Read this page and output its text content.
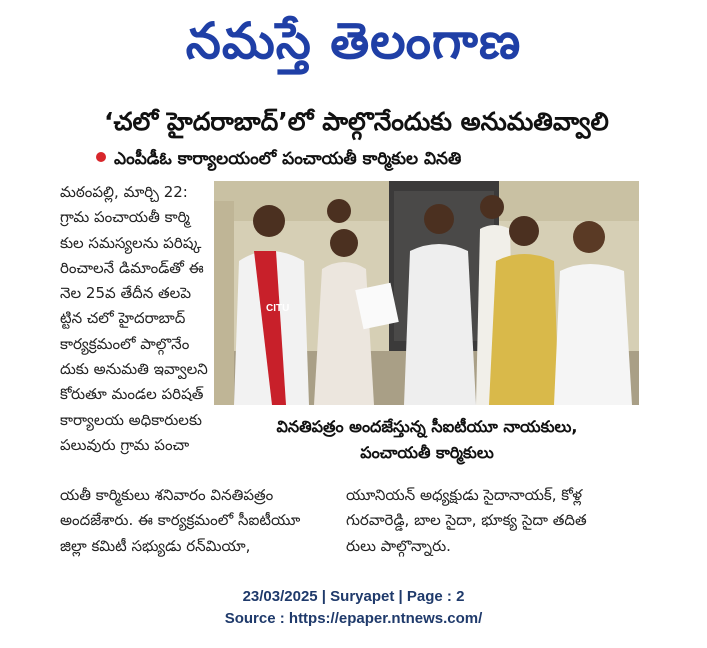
నమస్తే తెలంగాణ
‘చలో హైదరాబాద్’లో పాల్గొనేందుకు అనుమతివ్వాలి
ఎంపీడీఓ కార్యాలయంలో పంచాయతీ కార్మికుల వినతి
మఠంపల్లి, మార్చి 22:
గ్రామ పంచాయతీ కార్మి
కుల సమస్యలను పరిష్క
రించాలనే డిమాండ్‌తో ఈ
నెల 25వ తేదీన తలపె
ట్టిన చలో హైదరాబాద్
కార్యక్రమంలో పాల్గొనేం
దుకు అనుమతి ఇవ్వాలని
కోరుతూ మండల పరిషత్
కార్యాలయ అధికారులకు
పలువురు గ్రామ పంచా
CITU
వినతిపత్రం అందజేస్తున్న సీఐటీయూ నాయకులు,
పంచాయతీ కార్మికులు
యతీ కార్మికులు శనివారం వినతిపత్రం
అందజేశారు. ఈ కార్యక్రమంలో సీఐటీయూ
జిల్లా కమిటీ సభ్యుడు రన్‌మియా,
యూనియన్ అధ్యక్షుడు సైదానాయక్, కోళ్ల
గురవారెడ్డి, బాల సైదా, భూక్య సైదా తదిత
రులు పాల్గొన్నారు.
23/03/2025 | Suryapet | Page : 2
Source : https://epaper.ntnews.com/
